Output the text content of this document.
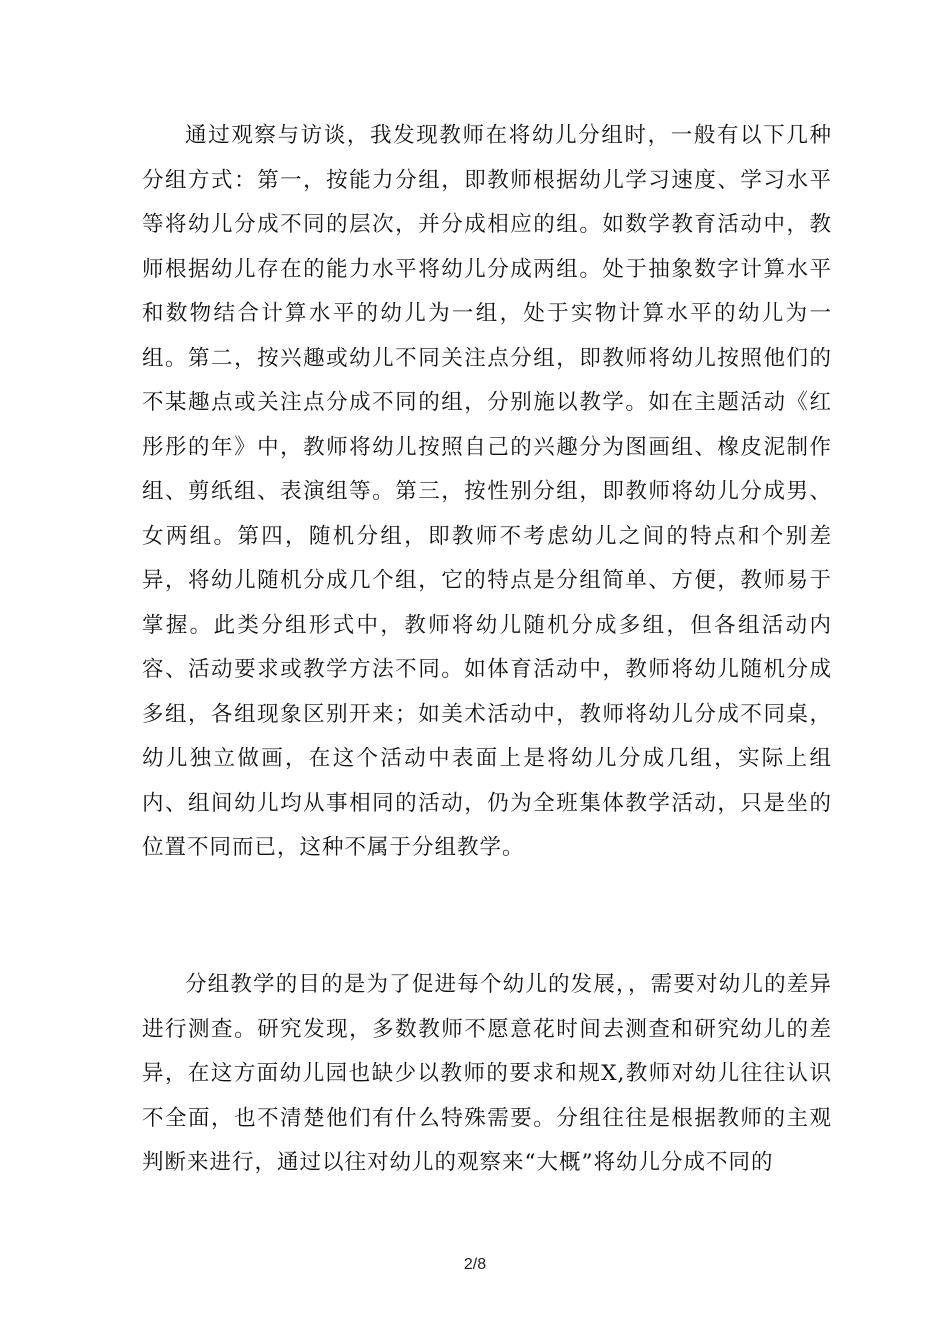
通过观察与访谈，我发现教师在将幼儿分组时，一般有以下几种分组方式：第一，按能力分组，即教师根据幼儿学习速度、学习水平等将幼儿分成不同的层次，并分成相应的组。如数学教育活动中，教师根据幼儿存在的能力水平将幼儿分成两组。处于抽象数字计算水平和数物结合计算水平的幼儿为一组，处于实物计算水平的幼儿为一组。第二，按兴趣或幼儿不同关注点分组，即教师将幼儿按照他们的不某趣点或关注点分成不同的组，分别施以教学。如在主题活动《红彤彤的年》中，教师将幼儿按照自己的兴趣分为图画组、橡皮泥制作组、剪纸组、表演组等。第三，按性别分组，即教师将幼儿分成男、女两组。第四，随机分组，即教师不考虑幼儿之间的特点和个别差异，将幼儿随机分成几个组，它的特点是分组简单、方便，教师易于掌握。此类分组形式中，教师将幼儿随机分成多组，但各组活动内容、活动要求或教学方法不同。如体育活动中，教师将幼儿随机分成多组，各组现象区别开来；如美术活动中，教师将幼儿分成不同桌，幼儿独立做画，在这个活动中表面上是将幼儿分成几组，实际上组内、组间幼儿均从事相同的活动，仍为全班集体教学活动，只是坐的位置不同而已，这种不属于分组教学。

分组教学的目的是为了促进每个幼儿的发展，，需要对幼儿的差异进行测查。研究发现，多数教师不愿意花时间去测查和研究幼儿的差异，在这方面幼儿园也缺少以教师的要求和规X,教师对幼儿往往认识不全面，也不清楚他们有什么特殊需要。分组往往是根据教师的主观判断来进行，通过以往对幼儿的观察来“大概”将幼儿分成不同的

2/8
